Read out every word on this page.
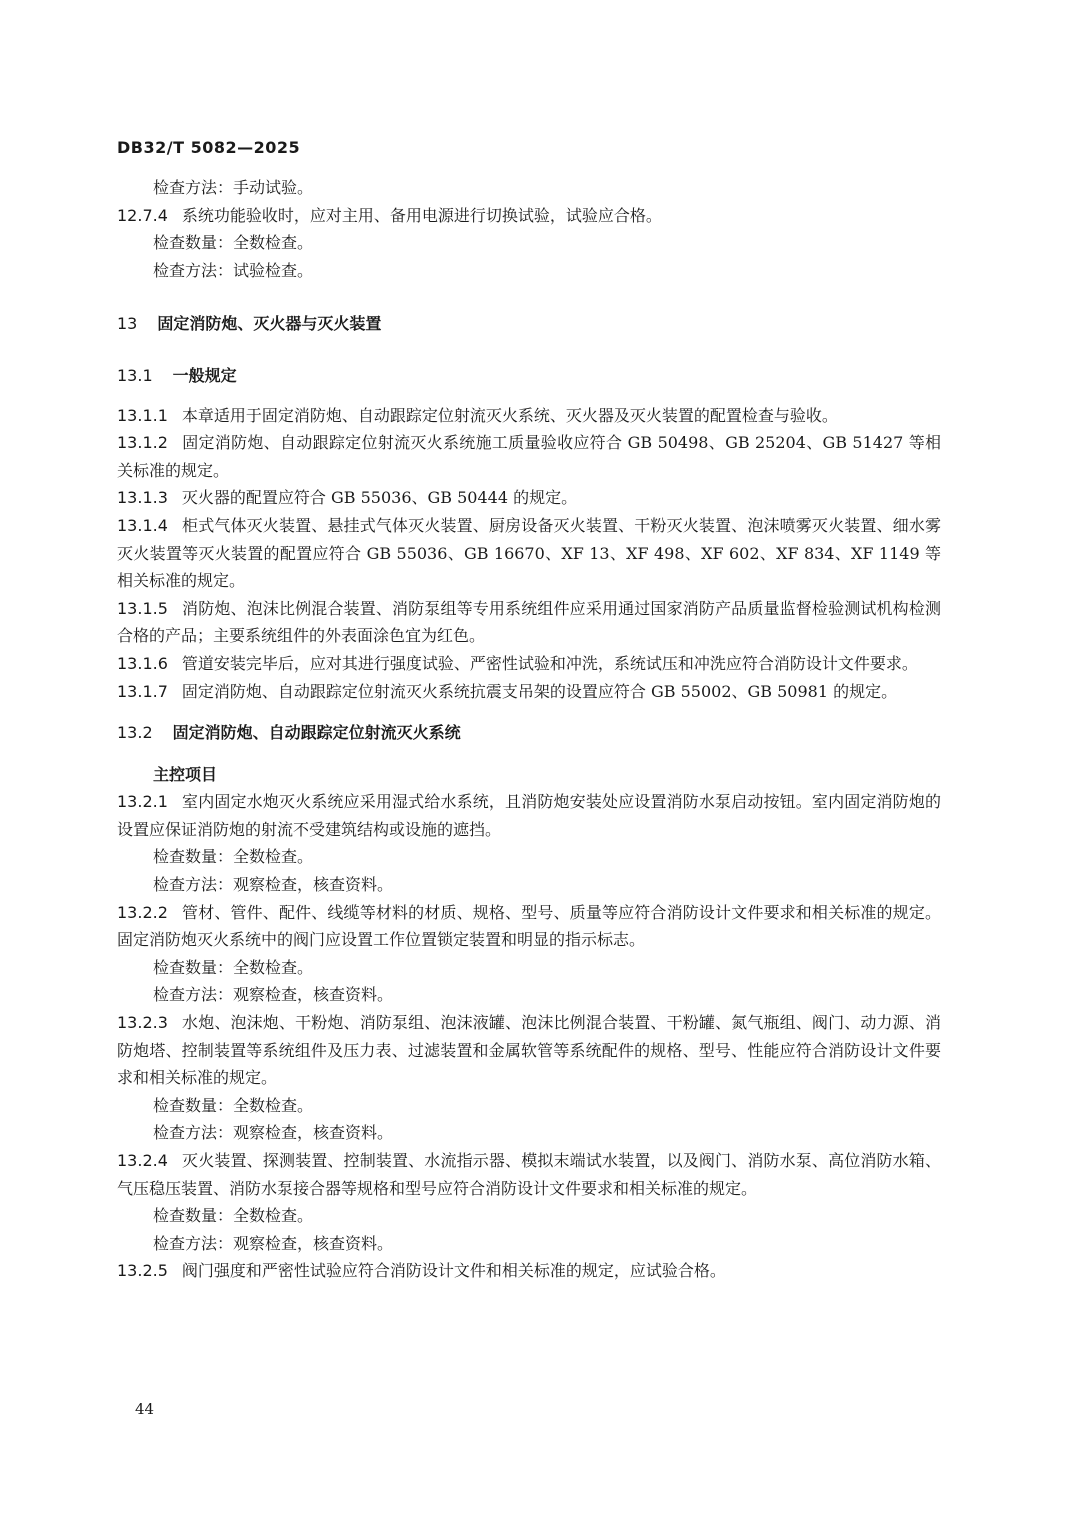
DB32/T 5082—2025
检查方法：手动试验。
12.7.4 系统功能验收时，应对主用、备用电源进行切换试验，试验应合格。
检查数量：全数检查。
检查方法：试验检查。
13 固定消防炮、灭火器与灭火装置
13.1 一般规定
13.1.1 本章适用于固定消防炮、自动跟踪定位射流灭火系统、灭火器及灭火装置的配置检查与验收。
13.1.2 固定消防炮、自动跟踪定位射流灭火系统施工质量验收应符合 GB 50498、GB 25204、GB 51427 等相关标准的规定。
13.1.3 灭火器的配置应符合 GB 55036、GB 50444 的规定。
13.1.4 柜式气体灭火装置、悬挂式气体灭火装置、厨房设备灭火装置、干粉灭火装置、泡沫喷雾灭火装置、细水雾灭火装置等灭火装置的配置应符合 GB 55036、GB 16670、XF 13、XF 498、XF 602、XF 834、XF 1149 等相关标准的规定。
13.1.5 消防炮、泡沫比例混合装置、消防泵组等专用系统组件应采用通过国家消防产品质量监督检验测试机构检测合格的产品；主要系统组件的外表面涂色宜为红色。
13.1.6 管道安装完毕后，应对其进行强度试验、严密性试验和冲洗，系统试压和冲洗应符合消防设计文件要求。
13.1.7 固定消防炮、自动跟踪定位射流灭火系统抗震支吊架的设置应符合 GB 55002、GB 50981 的规定。
13.2 固定消防炮、自动跟踪定位射流灭火系统
主控项目
13.2.1 室内固定水炮灭火系统应采用湿式给水系统，且消防炮安装处应设置消防水泵启动按钮。室内固定消防炮的设置应保证消防炮的射流不受建筑结构或设施的遮挡。
检查数量：全数检查。
检查方法：观察检查，核查资料。
13.2.2 管材、管件、配件、线缆等材料的材质、规格、型号、质量等应符合消防设计文件要求和相关标准的规定。固定消防炮灭火系统中的阀门应设置工作位置锁定装置和明显的指示标志。
检查数量：全数检查。
检查方法：观察检查，核查资料。
13.2.3 水炮、泡沫炮、干粉炮、消防泵组、泡沫液罐、泡沫比例混合装置、干粉罐、氮气瓶组、阀门、动力源、消防炮塔、控制装置等系统组件及压力表、过滤装置和金属软管等系统配件的规格、型号、性能应符合消防设计文件要求和相关标准的规定。
检查数量：全数检查。
检查方法：观察检查，核查资料。
13.2.4 灭火装置、探测装置、控制装置、水流指示器、模拟末端试水装置，以及阀门、消防水泵、高位消防水箱、气压稳压装置、消防水泵接合器等规格和型号应符合消防设计文件要求和相关标准的规定。
检查数量：全数检查。
检查方法：观察检查，核查资料。
13.2.5 阀门强度和严密性试验应符合消防设计文件和相关标准的规定，应试验合格。
44
